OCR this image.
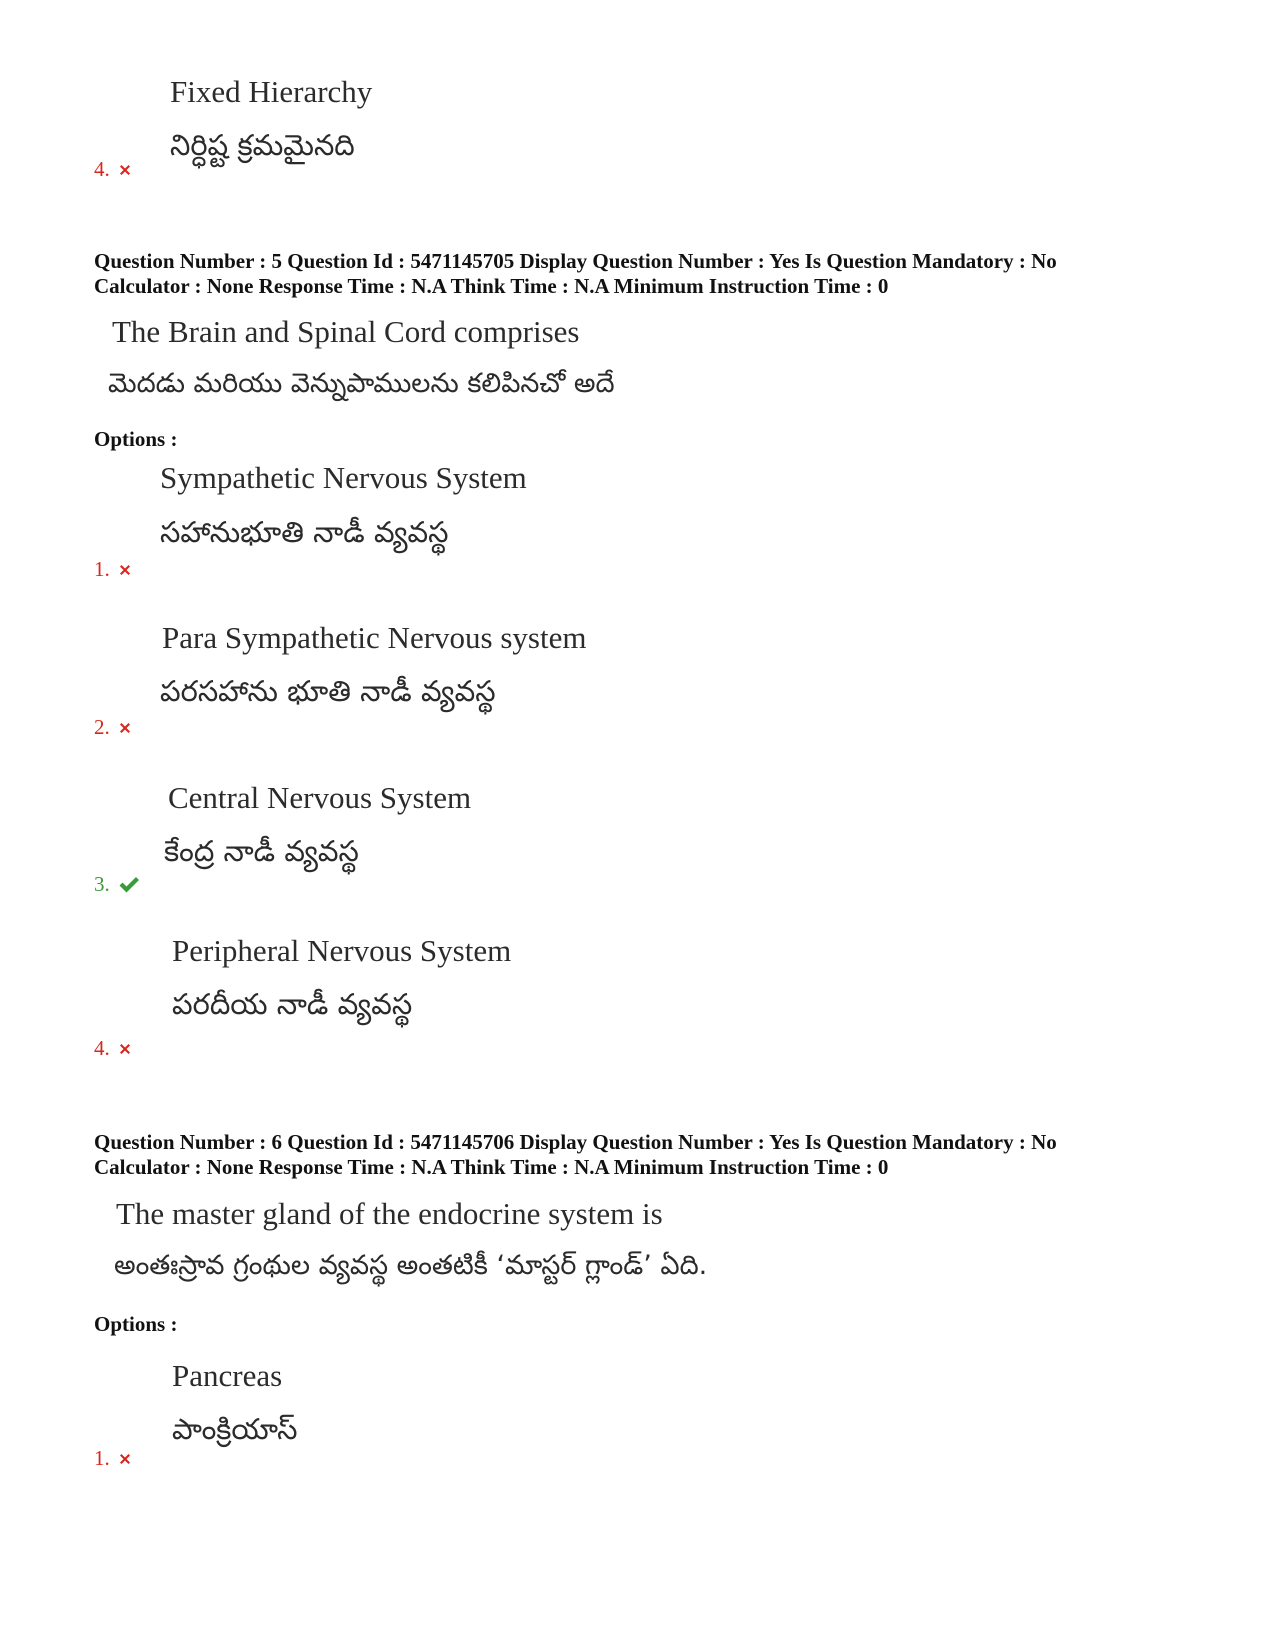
Fixed Hierarchy
నిర్ధిష్ట క్రమమైనది
4.
Question Number : 5 Question Id : 5471145705 Display Question Number : Yes Is Question Mandatory : No
Calculator : None Response Time : N.A Think Time : N.A Minimum Instruction Time : 0
The Brain and Spinal Cord comprises
మెదడు మరియు వెన్నుపాములను కలిపినచో అదే
Options :
Sympathetic Nervous System
సహానుభూతి నాడీ వ్యవస్థ
1.
Para Sympathetic Nervous system
పరసహాను భూతి నాడీ వ్యవస్థ
2.
Central Nervous System
కేంద్ర నాడీ వ్యవస్థ
3.
Peripheral Nervous System
పరదీయ నాడీ వ్యవస్థ
4.
Question Number : 6 Question Id : 5471145706 Display Question Number : Yes Is Question Mandatory : No
Calculator : None Response Time : N.A Think Time : N.A Minimum Instruction Time : 0
The master gland of the endocrine system is
అంతఃస్రావ గ్రంథుల వ్యవస్థ అంతటికీ ‘మాస్టర్ గ్లాండ్’ ఏది.
Options :
Pancreas
పాంక్రియాస్
1.
